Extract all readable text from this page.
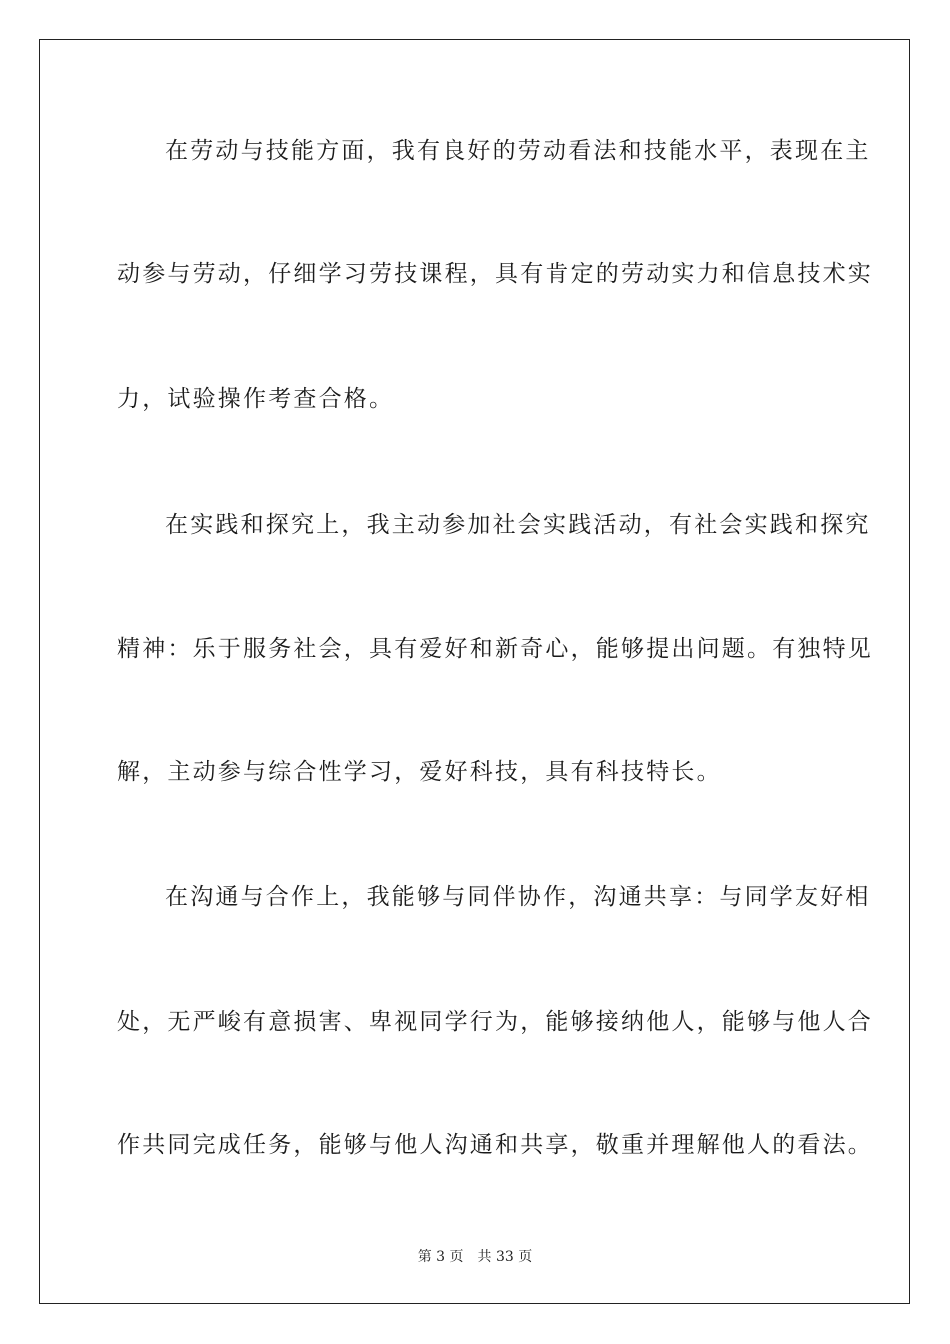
在劳动与技能方面，我有良好的劳动看法和技能水平，表现在主
动参与劳动，仔细学习劳技课程，具有肯定的劳动实力和信息技术实
力，试验操作考查合格。
在实践和探究上，我主动参加社会实践活动，有社会实践和探究
精神：乐于服务社会，具有爱好和新奇心，能够提出问题。有独特见
解，主动参与综合性学习，爱好科技，具有科技特长。
在沟通与合作上，我能够与同伴协作，沟通共享：与同学友好相
处，无严峻有意损害、卑视同学行为，能够接纳他人，能够与他人合
作共同完成任务，能够与他人沟通和共享，敬重并理解他人的看法。
第 3 页　共 33 页
